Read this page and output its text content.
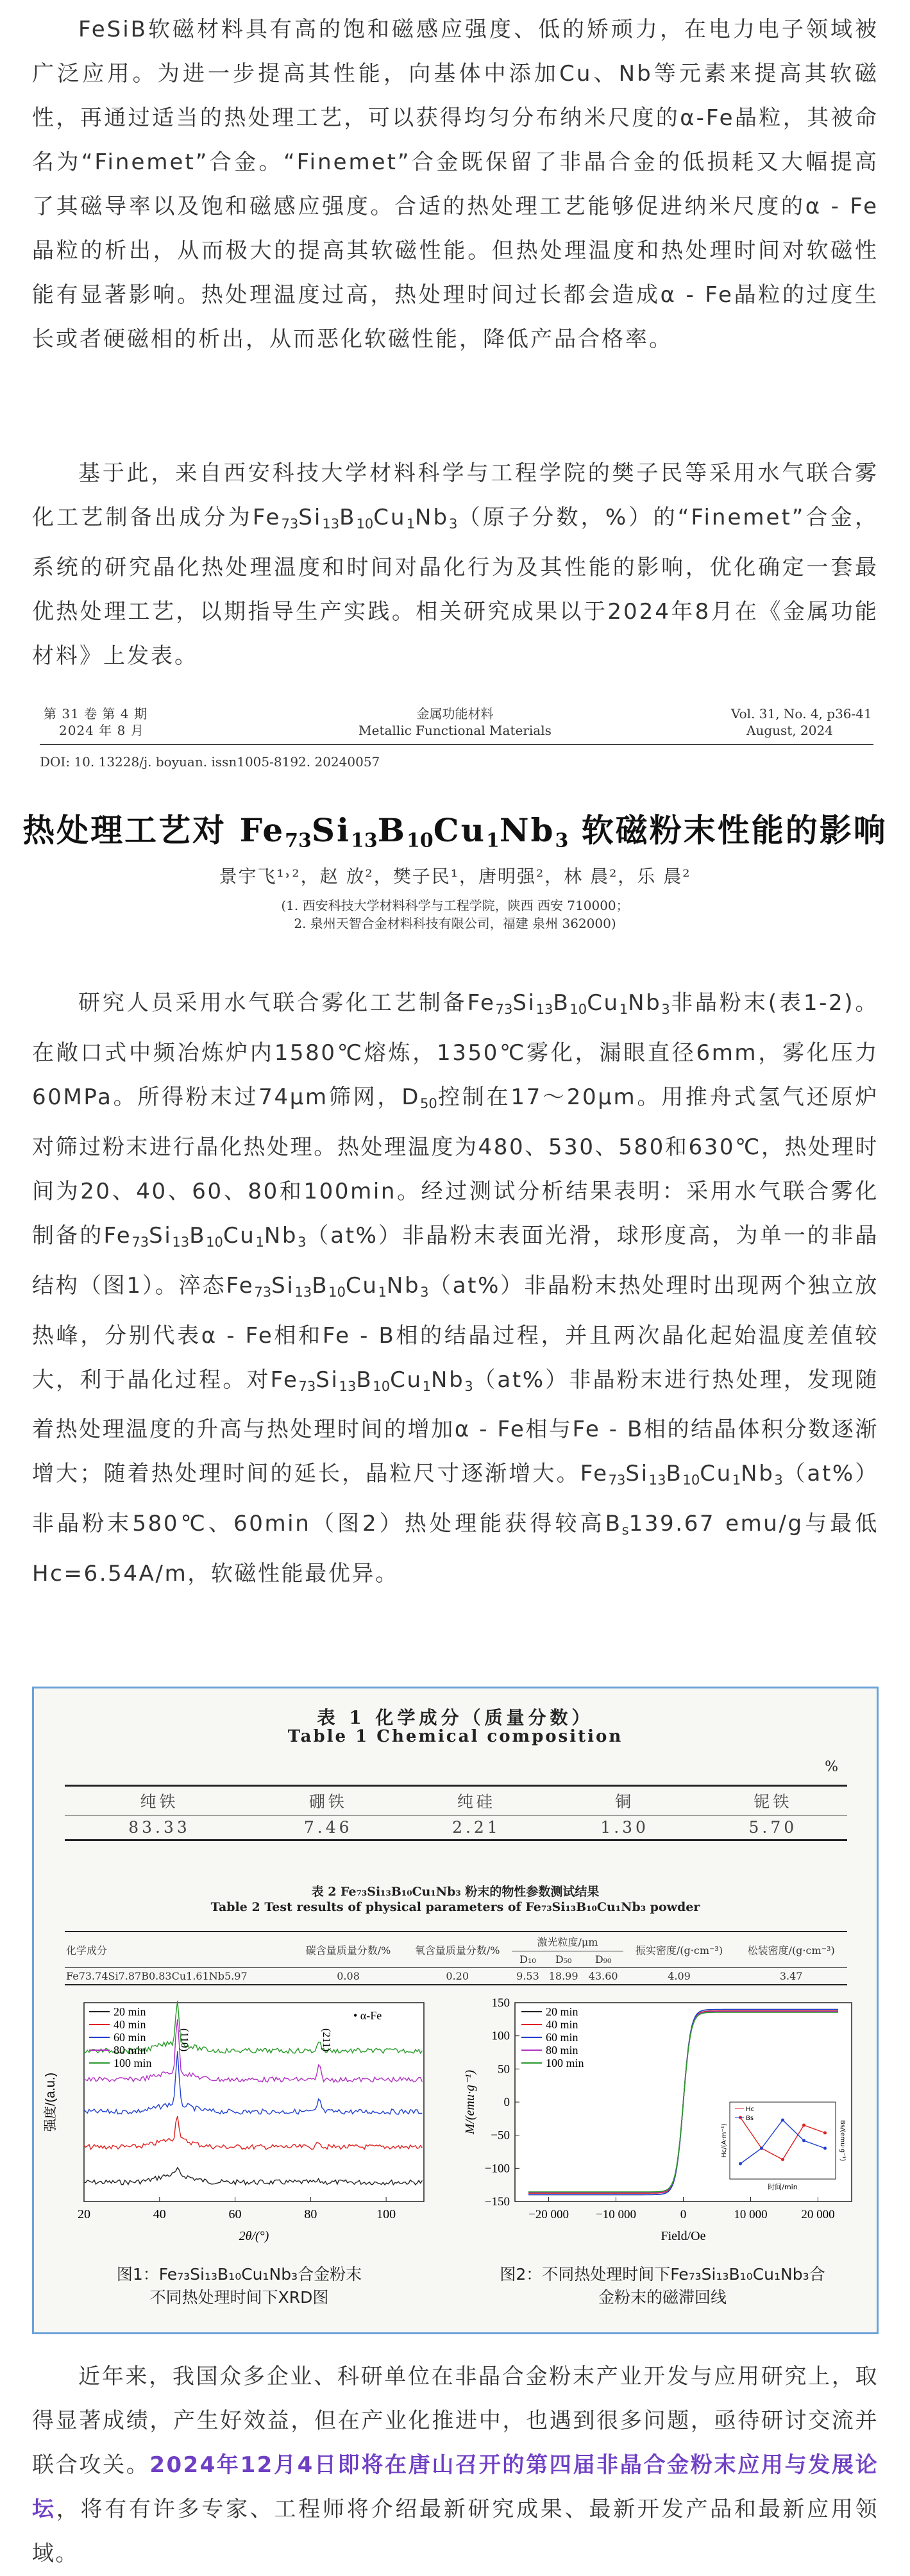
FeSiB软磁材料具有高的饱和磁感应强度、低的矫顽力，在电力电子领域被广泛应用。为进一步提高其性能，向基体中添加Cu、Nb等元素来提高其软磁性，再通过适当的热处理工艺，可以获得均匀分布纳米尺度的α-Fe晶粒，其被命名为“Finemet”合金。“Finemet”合金既保留了非晶合金的低损耗又大幅提高了其磁导率以及饱和磁感应强度。合适的热处理工艺能够促进纳米尺度的α - Fe晶粒的析出，从而极大的提高其软磁性能。但热处理温度和热处理时间对软磁性能有显著影响。热处理温度过高，热处理时间过长都会造成α - Fe晶粒的过度生长或者硬磁相的析出，从而恶化软磁性能，降低产品合格率。

基于此，来自西安科技大学材料科学与工程学院的樊子民等采用水气联合雾化工艺制备出成分为$Fe_{73}Si_{13}B_{10}Cu_1Nb_3$（原子分数，%）的“Finemet”合金，系统的研究晶化热处理温度和时间对晶化行为及其性能的影响，优化确定一套最优热处理工艺，以期指导生产实践。相关研究成果以于2024年8月在《金属功能材料》上发表。

第 31 卷 第 4 期
2024 年 8 月
金属功能材料
Metallic Functional Materials
Vol. 31, No. 4, p36-41
August, 2024
DOI: 10. 13228/j. boyuan. issn1005-8192. 20240057
热处理工艺对 $Fe_{73}Si_{13}B_{10}Cu_1Nb_3$ 软磁粉末性能的影响
景宇飞¹˒²，赵 放²，樊子民¹，唐明强²，林 晨²，乐 晨²
(1. 西安科技大学材料科学与工程学院，陕西 西安 710000；
2. 泉州天智合金材料科技有限公司，福建 泉州 362000)

研究人员采用水气联合雾化工艺制备$Fe_{73}Si_{13}B_{10}Cu_1Nb_3$非晶粉末(表1-2)。在敞口式中频冶炼炉内1580℃熔炼，1350℃雾化，漏眼直径6mm，雾化压力60MPa。所得粉末过74μm筛网，$D_{50}$控制在17～20μm。用推舟式氢气还原炉对筛过粉末进行晶化热处理。热处理温度为480、530、580和630℃，热处理时间为20、40、60、80和100min。经过测试分析结果表明：采用水气联合雾化制备的$Fe_{73}Si_{13}B_{10}Cu_1Nb_3(at\%)$非晶粉末表面光滑，球形度高，为单一的非晶结构（图1）。淬态$Fe_{73}Si_{13}B_{10}Cu_1Nb_3(at\%)$非晶粉末热处理时出现两个独立放热峰，分别代表α - Fe相和Fe - B相的结晶过程，并且两次晶化起始温度差值较大，利于晶化过程。对$Fe_{73}Si_{13}B_{10}Cu_1Nb_3(at\%)$非晶粉末进行热处理，发现随着热处理温度的升高与热处理时间的增加α - Fe相与Fe - B相的结晶体积分数逐渐增大；随着热处理时间的延长，晶粒尺寸逐渐增大。$Fe_{73}Si_{13}B_{10}Cu_1Nb_3(at\%)$非晶粉末580℃、60min（图2）热处理能获得较高$B_s139.67$ emu/g与最低Hc=6.54A/m，软磁性能最优异。

表 1 化学成分（质量分数）
Table 1 Chemical composition
%
纯铁	硼铁	纯硅	铜	铌铁
83.33	7.46	2.21	1.30	5.70
表 2 Fe₇₃Si₁₃B₁₀Cu₁Nb₃ 粉末的物性参数测试结果
Table 2 Test results of physical parameters of Fe₇₃Si₁₃B₁₀Cu₁Nb₃ powder
化学成分	碳含量质量分数/%	氧含量质量分数/%	激光粒度/μm			振实密度/(g·cm⁻³)	松装密度/(g·cm⁻³)
			D₁₀	D₅₀	D₉₀		
Fe73.74Si7.87B0.83Cu1.61Nb5.97	0.08	0.20	9.53	18.99	43.60	4.09	3.47
20	40	60	80	100
2θ/(°)
强度/(a.u.)
(110)	(211)
• α-Fe
20 min
40 min
60 min
80 min
100 min
−20 000 −10 000	0	10 000	20 000
150
100
50
0
−50
−100
−150
Field/Oe
M/(emu·g⁻¹)
20 min
40 min
60 min
80 min
100 min
时间/min
Hc/(A·m⁻¹)	Bs/(emu·g⁻¹)
Hc
Bs
图1：Fe₇₃Si₁₃B₁₀Cu₁Nb₃合金粉末
不同热处理时间下XRD图
图2：不同热处理时间下Fe₇₃Si₁₃B₁₀Cu₁Nb₃合
金粉末的磁滞回线

近年来，我国众多企业、科研单位在非晶合金粉末产业开发与应用研究上，取得显著成绩，产生好效益，但在产业化推进中，也遇到很多问题，亟待研讨交流并联合攻关。2024年12月4日即将在唐山召开的第四届非晶合金粉末应用与发展论坛，将有有许多专家、工程师将介绍最新研究成果、最新开发产品和最新应用领域。
